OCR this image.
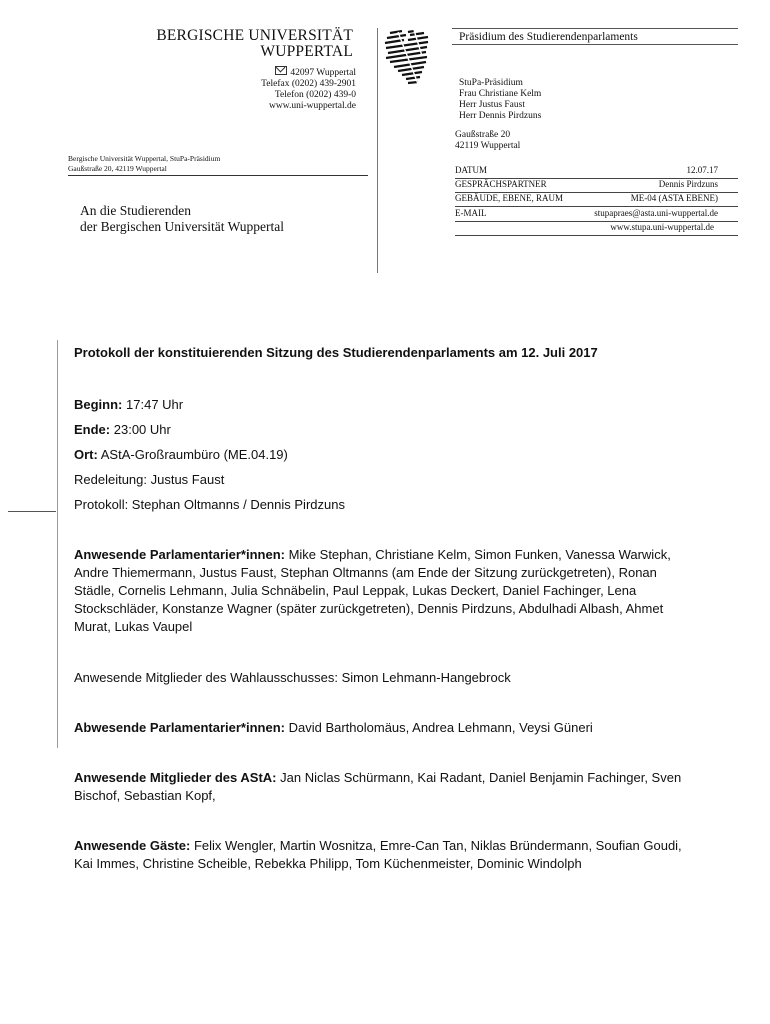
BERGISCHE UNIVERSITÄT
WUPPERTAL
42097 Wuppertal
Telefax (0202) 439-2901
Telefon (0202) 439-0
www.uni-wuppertal.de
Bergische Universität Wuppertal, StuPa-Präsidium
Gaußstraße 20, 42119 Wuppertal
An die Studierenden
der Bergischen Universität Wuppertal
Präsidium des Studierendenparlaments
StuPa-Präsidium
Frau Christiane Kelm
Herr Justus Faust
Herr Dennis Pirdzuns
Gaußstraße 20
42119 Wuppertal
DATUM	12.07.17
GESPRÄCHSPARTNER	Dennis Pirdzuns
GEBÄUDE, EBENE, RAUM	ME-04 (ASTA EBENE)
E-MAIL	stupapraes@asta.uni-wuppertal.de
www.stupa.uni-wuppertal.de
Protokoll der konstituierenden Sitzung des Studierendenparlaments am 12. Juli 2017
Beginn: 17:47 Uhr
Ende: 23:00 Uhr
Ort: AStA-Großraumbüro (ME.04.19)
Redeleitung: Justus Faust
Protokoll: Stephan Oltmanns / Dennis Pirdzuns
Anwesende Parlamentarier*innen: Mike Stephan, Christiane Kelm, Simon Funken, Vanessa Warwick, Andre Thiemermann, Justus Faust, Stephan Oltmanns (am Ende der Sitzung zurückgetreten), Ronan Städle, Cornelis Lehmann, Julia Schnäbelin, Paul Leppak, Lukas Deckert, Daniel Fachinger, Lena Stockschläder, Konstanze Wagner (später zurückgetreten), Dennis Pirdzuns, Abdulhadi Albash, Ahmet Murat, Lukas Vaupel
Anwesende Mitglieder des Wahlausschusses: Simon Lehmann-Hangebrock
Abwesende Parlamentarier*innen: David Bartholomäus, Andrea Lehmann, Veysi Güneri
Anwesende Mitglieder des AStA: Jan Niclas Schürmann, Kai Radant, Daniel Benjamin Fachinger, Sven Bischof, Sebastian Kopf,
Anwesende Gäste: Felix Wengler, Martin Wosnitza, Emre-Can Tan, Niklas Bründermann, Soufian Goudi, Kai Immes, Christine Scheible, Rebekka Philipp, Tom Küchenmeister, Dominic Windolph
